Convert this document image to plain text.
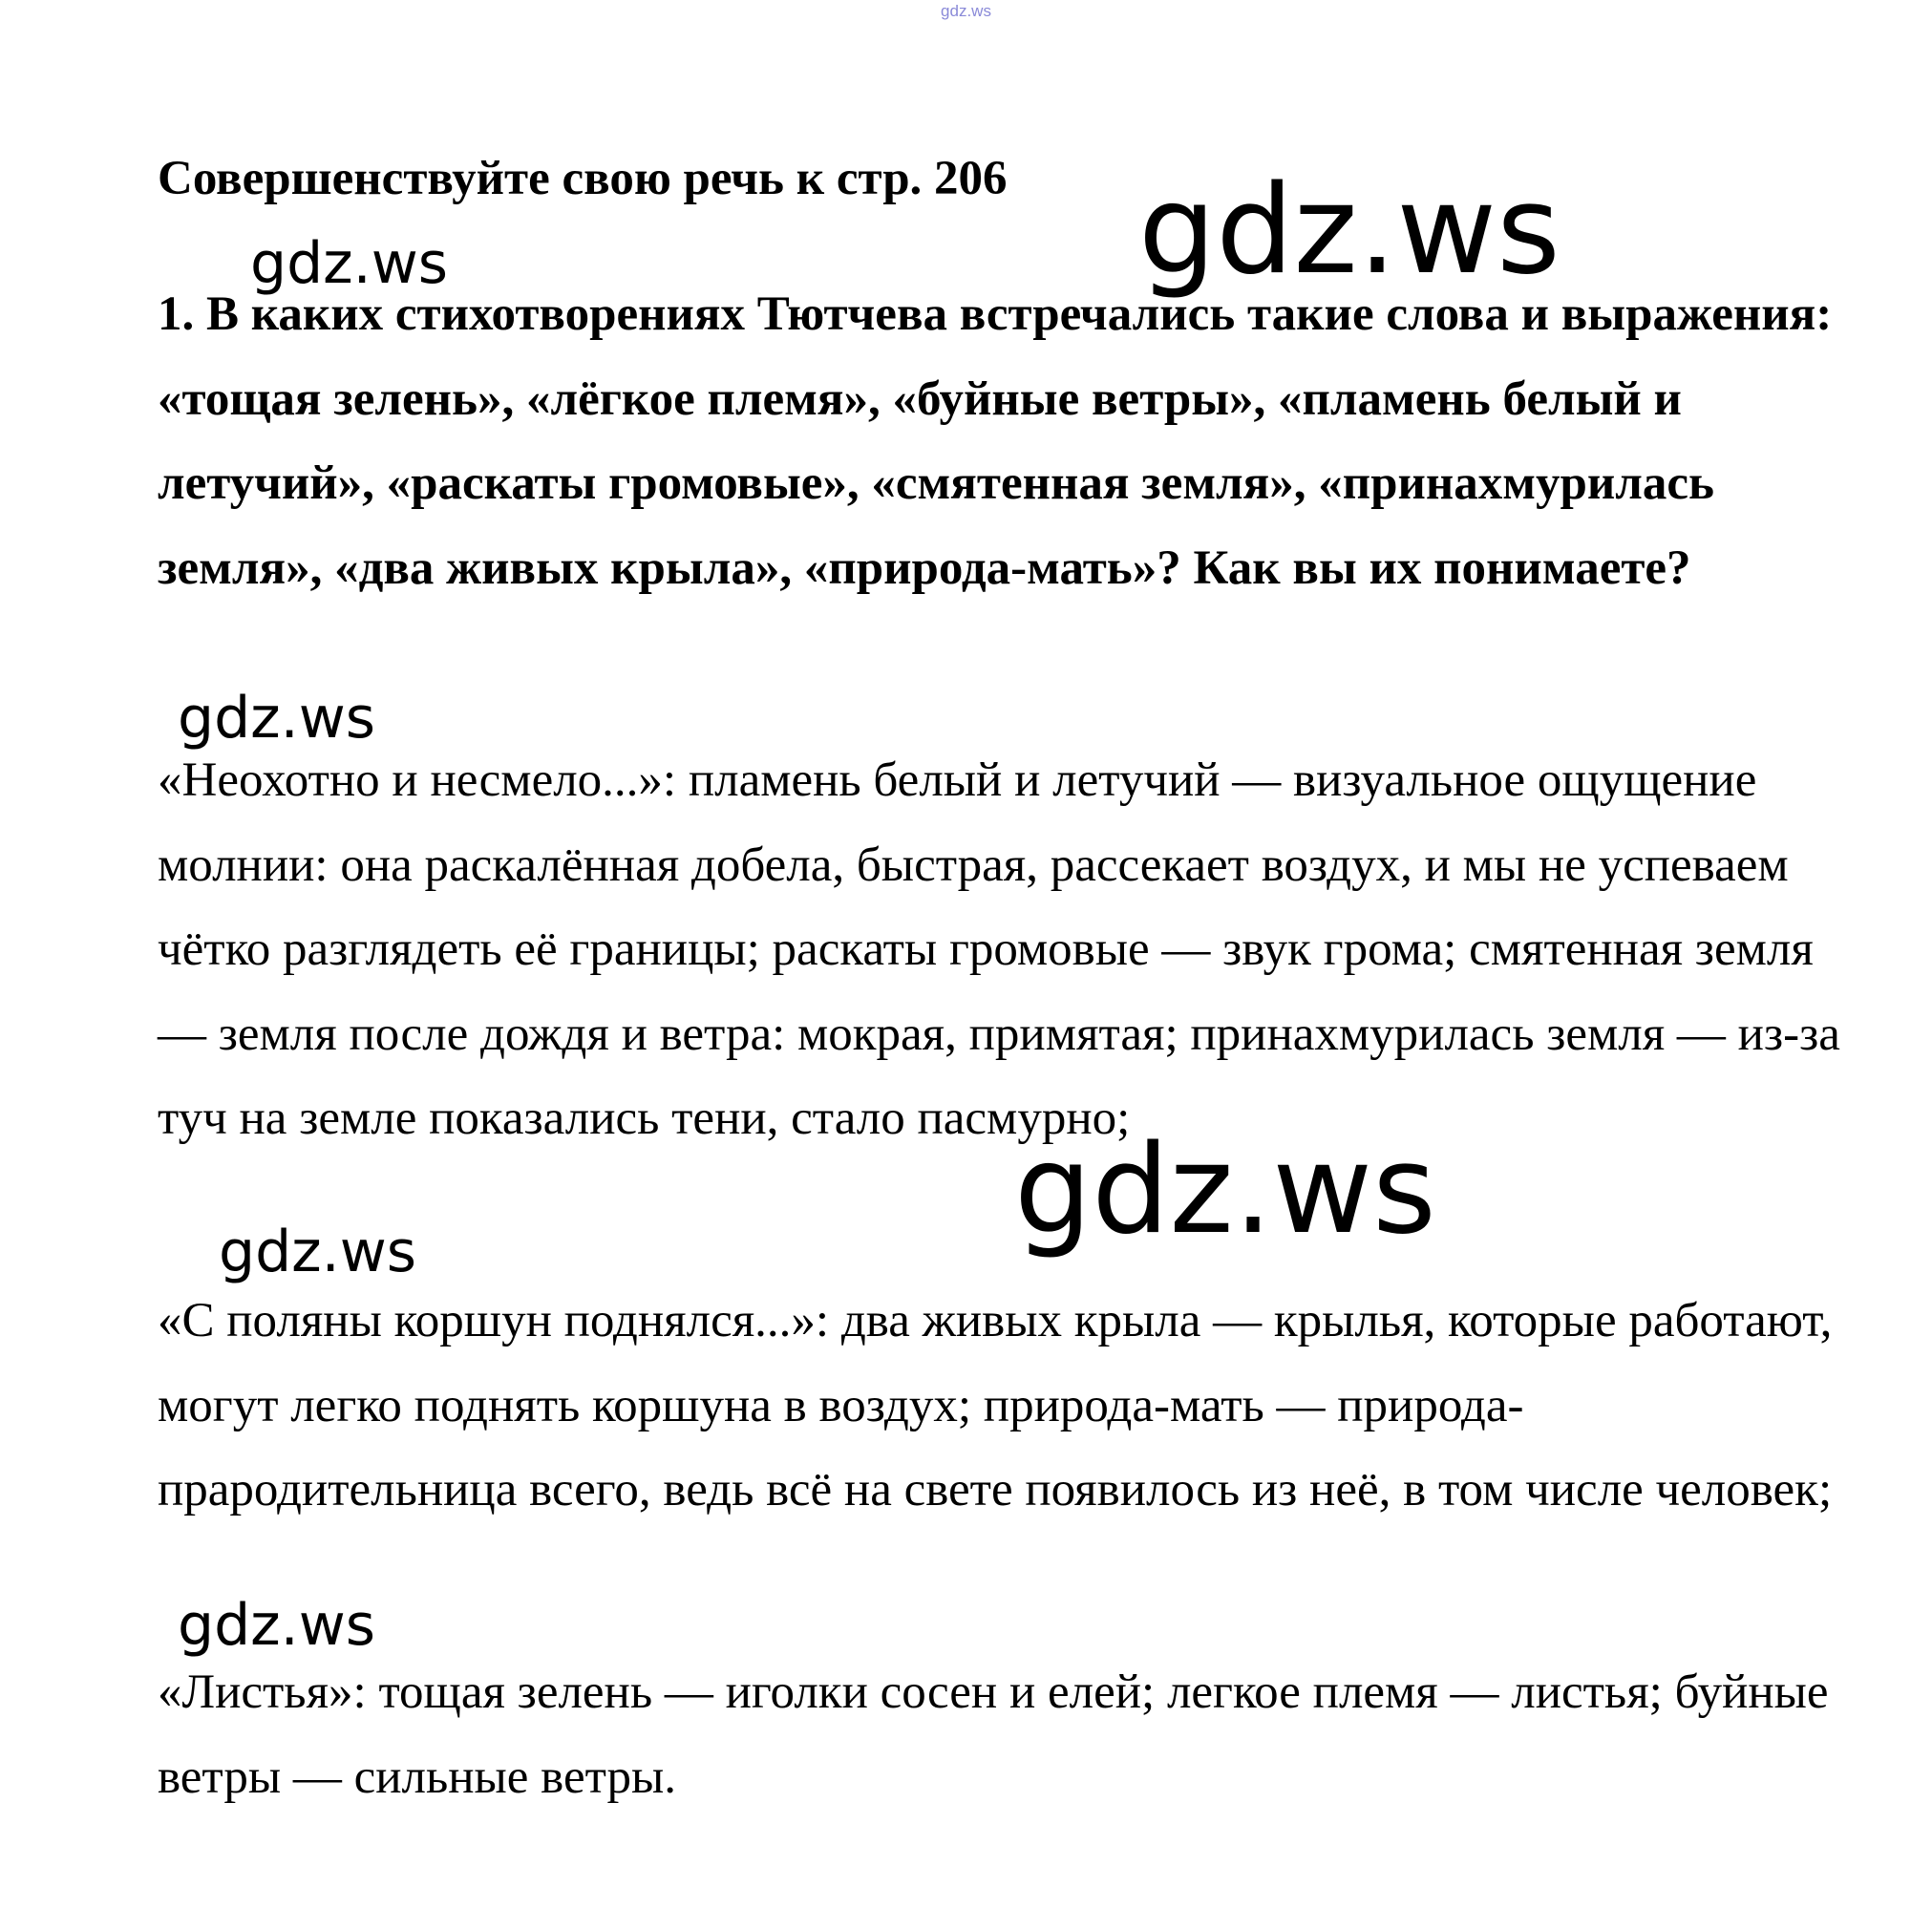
gdz.ws
Совершенствуйте свою речь к стр. 206
1. В каких стихотворениях Тютчева встречались такие слова и выражения: «тощая зелень», «лёгкое племя», «буйные ветры», «пламень белый и летучий», «раскаты громовые», «смятенная земля», «принахмурилась земля», «два живых крыла», «природа-мать»? Как вы их понимаете?
«Неохотно и несмело...»: пламень белый и летучий — визуальное ощущение молнии: она раскалённая добела, быстрая, рассекает воздух, и мы не успеваем чётко разглядеть её границы; раскаты громовые — звук грома; смятенная земля — земля после дождя и ветра: мокрая, примятая; принахмурилась земля — из-за туч на земле показались тени, стало пасмурно;
«С поляны коршун поднялся...»: два живых крыла — крылья, которые работают, могут легко поднять коршуна в воздух; природа-мать — природа-прародительница всего, ведь всё на свете появилось из неё, в том числе человек;
«Листья»: тощая зелень — иголки сосен и елей; легкое племя — листья; буйные ветры — сильные ветры.
gdz.ws
gdz.ws
gdz.ws
gdz.ws
gdz.ws
gdz.ws
